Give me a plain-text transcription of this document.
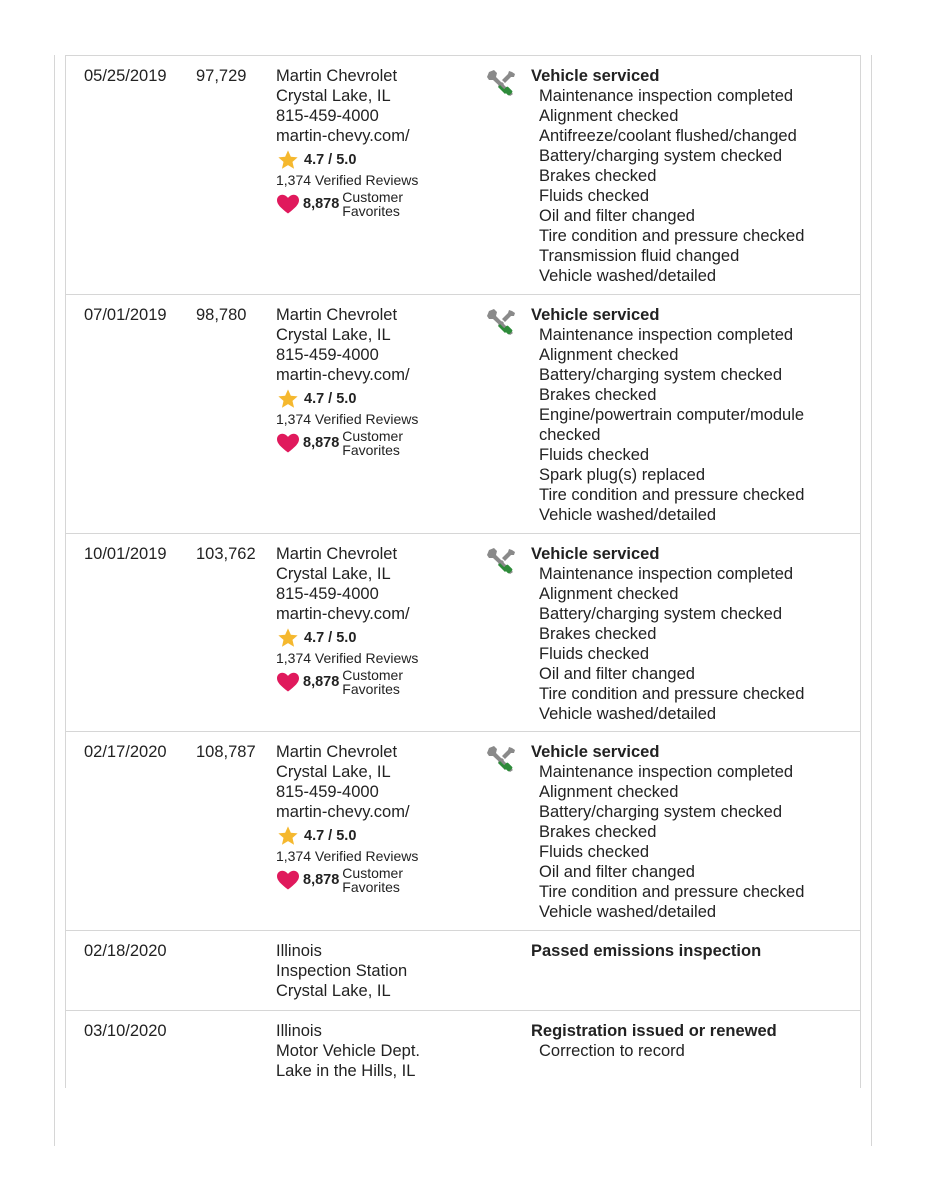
05/25/2019 97,729 Martin Chevrolet
Crystal Lake, IL
815-459-4000
martin-chevy.com/
4.7 / 5.0
1,374 Verified Reviews
8,878 Customer
Favorites
Vehicle serviced
Maintenance inspection completed
Alignment checked
Antifreeze/coolant flushed/changed
Battery/charging system checked
Brakes checked
Fluids checked
Oil and filter changed
Tire condition and pressure checked
Transmission fluid changed
Vehicle washed/detailed
07/01/2019 98,780 Martin Chevrolet
Crystal Lake, IL
815-459-4000
martin-chevy.com/
4.7 / 5.0
1,374 Verified Reviews
8,878 Customer
Favorites
Vehicle serviced
Maintenance inspection completed
Alignment checked
Battery/charging system checked
Brakes checked
Engine/powertrain computer/module checked
Fluids checked
Spark plug(s) replaced
Tire condition and pressure checked
Vehicle washed/detailed
10/01/2019 103,762 Martin Chevrolet
Crystal Lake, IL
815-459-4000
martin-chevy.com/
4.7 / 5.0
1,374 Verified Reviews
8,878 Customer
Favorites
Vehicle serviced
Maintenance inspection completed
Alignment checked
Battery/charging system checked
Brakes checked
Fluids checked
Oil and filter changed
Tire condition and pressure checked
Vehicle washed/detailed
02/17/2020 108,787 Martin Chevrolet
Crystal Lake, IL
815-459-4000
martin-chevy.com/
4.7 / 5.0
1,374 Verified Reviews
8,878 Customer
Favorites
Vehicle serviced
Maintenance inspection completed
Alignment checked
Battery/charging system checked
Brakes checked
Fluids checked
Oil and filter changed
Tire condition and pressure checked
Vehicle washed/detailed
02/18/2020	Illinois
Inspection Station
Crystal Lake, IL
Passed emissions inspection
03/10/2020	Illinois
Motor Vehicle Dept.
Lake in the Hills, IL
Registration issued or renewed
Correction to record
